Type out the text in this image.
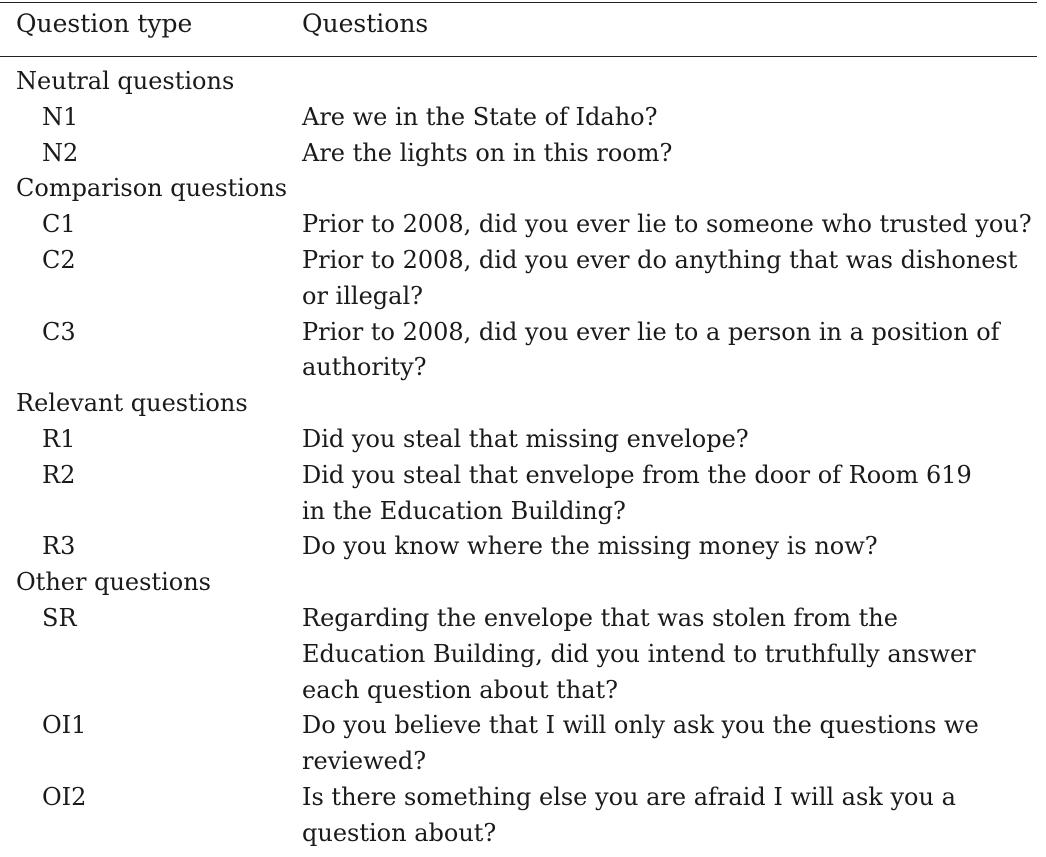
Question type	Questions
Neutral questions
N1	Are we in the State of Idaho?
N2	Are the lights on in this room?
Comparison questions
C1	Prior to 2008, did you ever lie to someone who trusted you?
C2	Prior to 2008, did you ever do anything that was dishonest
or illegal?
C3	Prior to 2008, did you ever lie to a person in a position of
authority?
Relevant questions
R1	Did you steal that missing envelope?
R2	Did you steal that envelope from the door of Room 619
in the Education Building?
R3	Do you know where the missing money is now?
Other questions
SR	Regarding the envelope that was stolen from the
Education Building, did you intend to truthfully answer
each question about that?
OI1	Do you believe that I will only ask you the questions we
reviewed?
OI2	Is there something else you are afraid I will ask you a
question about?
